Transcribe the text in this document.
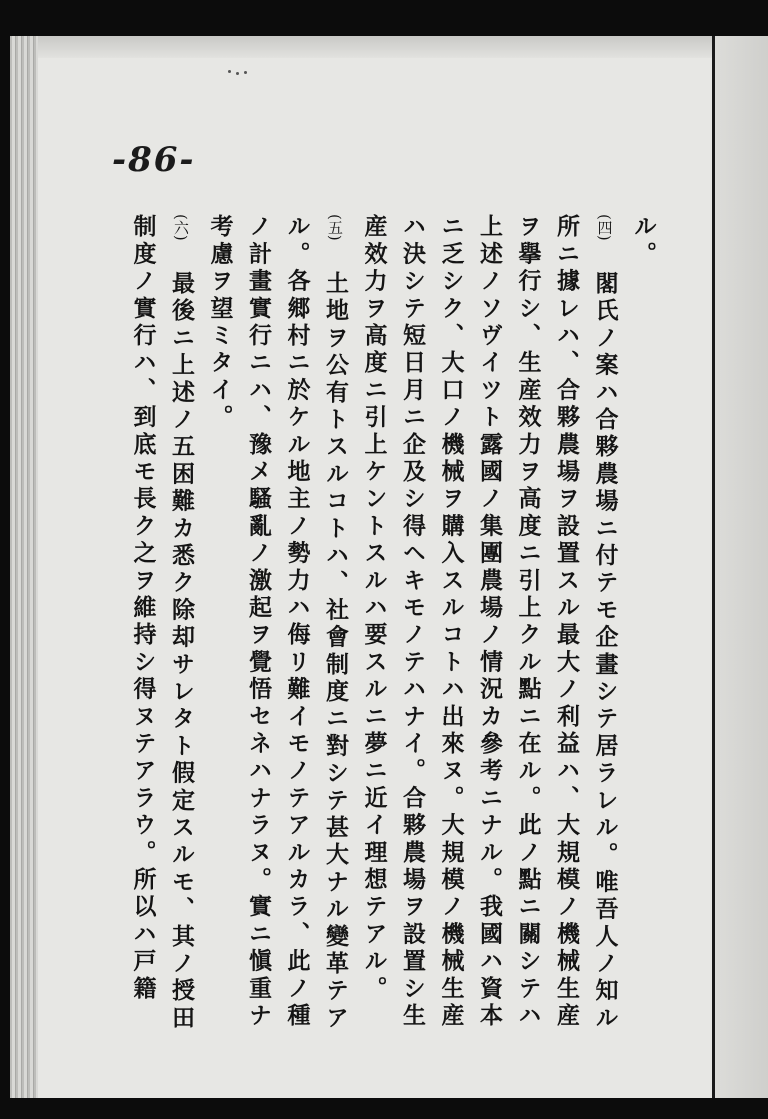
-86-

ル。

(四)閣氏ノ案ハ合夥農場ニ付テモ企畫シテ居ラレル。唯吾人ノ知ル所ニ據レハ、合夥農場ヲ設置スル最大ノ利益ハ、大規模ノ機械生産ヲ擧行シ、生産效力ヲ高度ニ引上クル點ニ在ル。此ノ點ニ關シテハ上述ノソヴイツト露國ノ集團農場ノ情況カ參考ニナル。我國ハ資本ニ乏シク、大口ノ機械ヲ購入スルコトハ出來ヌ。大規模ノ機械生産ハ決シテ短日月ニ企及シ得ヘキモノテハナイ。合夥農場ヲ設置シ生産效力ヲ高度ニ引上ケントスルハ要スルニ夢ニ近イ理想テアル。

(五)土地ヲ公有トスルコトハ、社會制度ニ對シテ甚大ナル變革テアル。各郷村ニ於ケル地主ノ勢力ハ侮リ難イモノテアルカラ、此ノ種ノ計畫實行ニハ、豫メ騷亂ノ激起ヲ覺悟セネハナラヌ。實ニ愼重ナ考慮ヲ望ミタイ。

(六)最後ニ上述ノ五困難カ悉ク除却サレタト假定スルモ、其ノ授田制度ノ實行ハ、到底モ長ク之ヲ維持シ得ヌテアラウ。所以ハ戸籍
